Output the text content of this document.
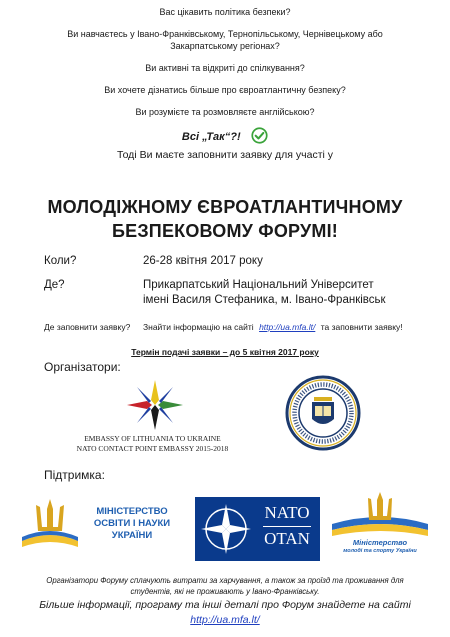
Вас цікавить політика безпеки?
Ви навчаєтесь у Івано-Франківському, Тернопільському, Чернівецькому або
Закарпатському регіонах?
Ви активні та відкриті до спілкування?
Ви хочете дізнатись більше про євроатлантичну безпеку?
Ви розумієте та розмовляєте англійською?
Всі „Так“?!
Тоді Ви маєте заповнити заявку для участі у
МОЛОДІЖНОМУ ЄВРОАТЛАНТИЧНОМУ
БЕЗПЕКОВОМУ ФОРУМІ!
Коли?	26-28 квітня 2017 року
Де?	Прикарпатський Національний Університет
імені Василя Стефаника, м. Івано-Франківськ
Де заповнити заявку? Знайти інформацію на сайті http://ua.mfa.lt/ та заповнити заявку!
Термін подачі заявки – до 5 квітня 2017 року
Організатори:
EMBASSY OF LITHUANIA TO UKRAINE
NATO CONTACT POINT EMBASSY 2015-2018
Підтримка:
МІНІСТЕРСТВО
ОСВІТИ І НАУКИ
УКРАЇНИ
NATO
OTAN	Міністерство
молоді та спорту України
Організатори Форуму сплачують витрати за харчування, а також за проїзд та проживання для
студентів, які не проживають у Івано-Франківську.
Більше інформації, програму та інші деталі про Форум знайдете на сайті
http://ua.mfa.lt/
